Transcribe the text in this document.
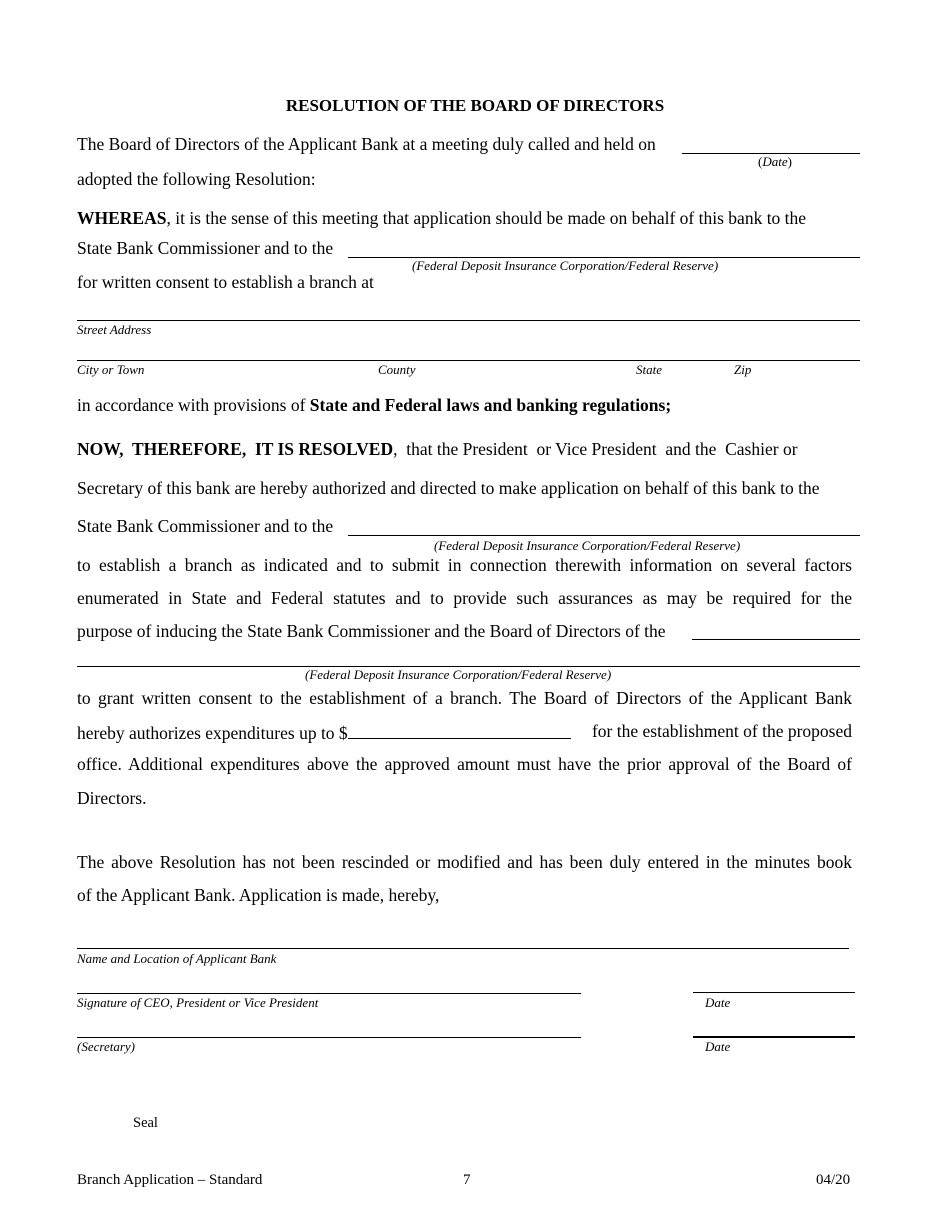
RESOLUTION OF THE BOARD OF DIRECTORS
The Board of Directors of the Applicant Bank at a meeting duly called and held on
(Date)
adopted the following Resolution:
WHEREAS, it is the sense of this meeting that application should be made on behalf of this bank to the
State Bank Commissioner and to the
(Federal Deposit Insurance Corporation/Federal Reserve)
for written consent to establish a branch at
Street Address
City or Town	County	State	Zip
in accordance with provisions of State and Federal laws and banking regulations;
NOW,  THEREFORE,  IT IS RESOLVED,  that the President  or Vice President  and the  Cashier or
Secretary of this bank are hereby authorized and directed to make application on behalf of this bank to the
State Bank Commissioner and to the
(Federal Deposit Insurance Corporation/Federal Reserve)
to establish a branch as indicated and to submit in connection therewith information on several factors
enumerated in State and Federal statutes and to provide such assurances as may be required for the
purpose of inducing the State Bank Commissioner and the Board of Directors of the
(Federal Deposit Insurance Corporation/Federal Reserve)
to grant written consent to the establishment of a branch. The Board of Directors of the Applicant Bank
hereby authorizes expenditures up to $	for the establishment of the proposed
office. Additional expenditures above the approved amount must have the prior approval of the Board of
Directors.
The above Resolution has not been rescinded or modified and has been duly entered in the minutes book
of the Applicant Bank. Application is made, hereby,
Name and Location of Applicant Bank
Signature of CEO, President or Vice President	Date
(Secretary)	Date
Seal
Branch Application – Standard	7	04/20
